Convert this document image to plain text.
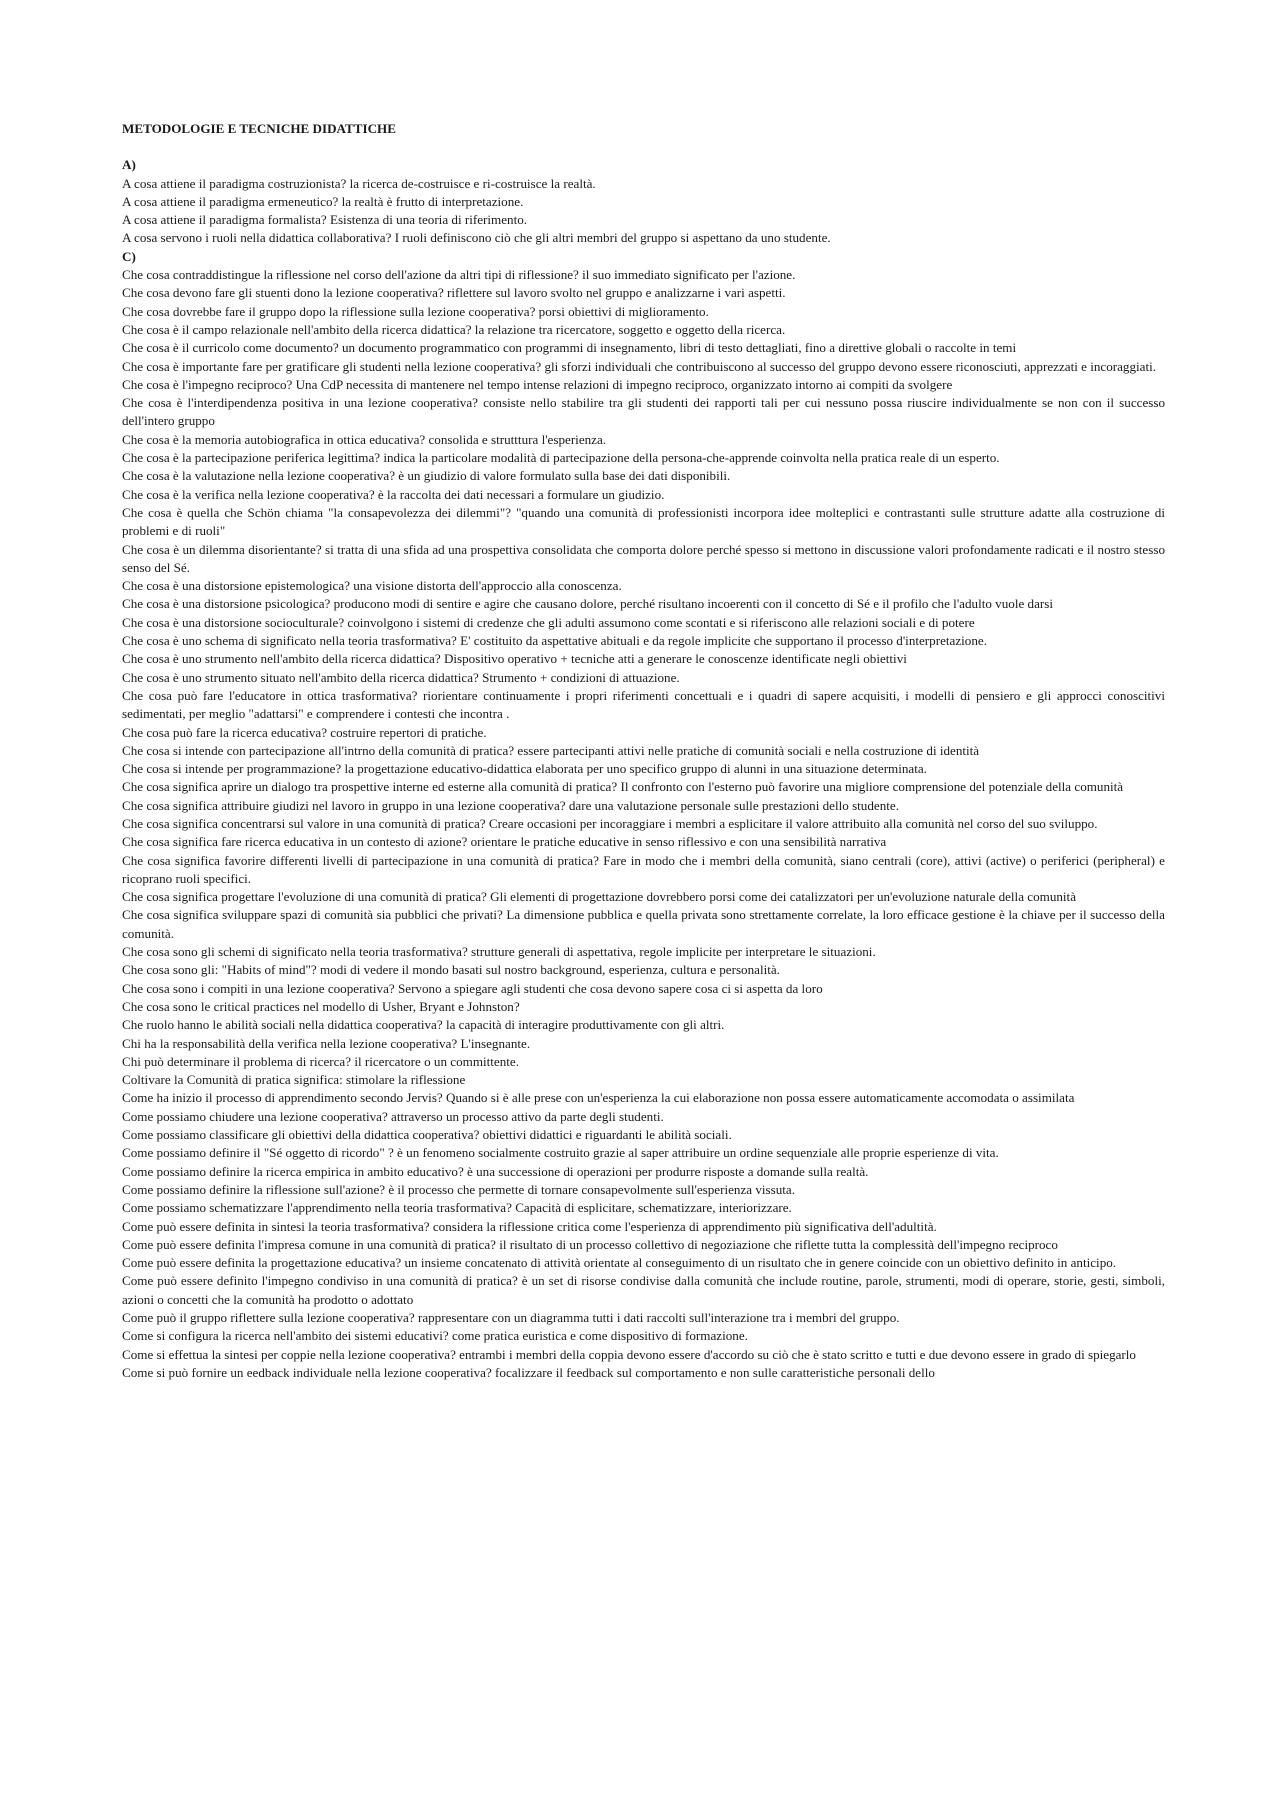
METODOLOGIE E TECNICHE DIDATTICHE
A)
A cosa attiene il paradigma costruzionista? la ricerca de-costruisce e ri-costruisce la realtà.
A cosa attiene il paradigma ermeneutico? la realtà è frutto di interpretazione.
A cosa attiene il paradigma formalista? Esistenza di una teoria di riferimento.
A cosa servono i ruoli nella didattica collaborativa? I ruoli definiscono ciò che gli altri membri del gruppo si aspettano da uno studente.
C)
Che cosa contraddistingue la riflessione nel corso dell'azione da altri tipi di riflessione? il suo immediato significato per l'azione.
Che cosa devono fare gli stuenti dono la lezione cooperativa? riflettere sul lavoro svolto nel gruppo e analizzarne i vari aspetti.
Che cosa dovrebbe fare il gruppo dopo la riflessione sulla lezione cooperativa? porsi obiettivi di miglioramento.
Che cosa è il campo relazionale nell'ambito della ricerca didattica? la relazione tra ricercatore, soggetto e oggetto della ricerca.
Che cosa è il curricolo come documento? un documento programmatico con programmi di insegnamento, libri di testo dettagliati, fino a direttive globali o raccolte in temi
Che cosa è importante fare per gratificare gli studenti nella lezione cooperativa? gli sforzi individuali che contribuiscono al successo del gruppo devono essere riconosciuti, apprezzati e incoraggiati.
Che cosa è l'impegno reciproco? Una CdP necessita di mantenere nel tempo intense relazioni di impegno reciproco, organizzato intorno ai compiti da svolgere
Che cosa è l'interdipendenza positiva in una lezione cooperativa? consiste nello stabilire tra gli studenti dei rapporti tali per cui nessuno possa riuscire individualmente se non con il successo dell'intero gruppo
Che cosa è la memoria autobiografica in ottica educativa? consolida e strutttura l'esperienza.
Che cosa è la partecipazione periferica legittima? indica la particolare modalità di partecipazione della persona-che-apprende coinvolta nella pratica reale di un esperto.
Che cosa è la valutazione nella lezione cooperativa? è un giudizio di valore formulato sulla base dei dati disponibili.
Che cosa è la verifica nella lezione cooperativa? è la raccolta dei dati necessari a formulare un giudizio.
Che cosa è quella che Schön chiama "la consapevolezza dei dilemmi"? "quando una comunità di professionisti incorpora idee molteplici e contrastanti sulle strutture adatte alla costruzione di problemi e di ruoli"
Che cosa è un dilemma disorientante? si tratta di una sfida ad una prospettiva consolidata che comporta dolore perché spesso si mettono in discussione valori profondamente radicati e il nostro stesso senso del Sé.
Che cosa è una distorsione epistemologica? una visione distorta dell'approccio alla conoscenza.
Che cosa è una distorsione psicologica? producono modi di sentire e agire che causano dolore, perché risultano incoerenti con il concetto di Sé e il profilo che l'adulto vuole darsi
Che cosa è una distorsione socioculturale? coinvolgono i sistemi di credenze che gli adulti assumono come scontati e si riferiscono alle relazioni sociali e di potere
Che cosa è uno schema di significato nella teoria trasformativa? E' costituito da aspettative abituali e da regole implicite che supportano il processo d'interpretazione.
Che cosa è uno strumento nell'ambito della ricerca didattica? Dispositivo operativo + tecniche atti a generare le conoscenze identificate negli obiettivi
Che cosa è uno strumento situato nell'ambito della ricerca didattica? Strumento + condizioni di attuazione.
Che cosa può fare l'educatore in ottica trasformativa? riorientare continuamente i propri riferimenti concettuali e i quadri di sapere acquisiti, i modelli di pensiero e gli approcci conoscitivi sedimentati, per meglio "adattarsi" e comprendere i contesti che incontra .
Che cosa può fare la ricerca educativa? costruire repertori di pratiche.
Che cosa si intende con partecipazione all'intrno della comunità di pratica? essere partecipanti attivi nelle pratiche di comunità sociali e nella costruzione di identità
Che cosa si intende per programmazione? la progettazione educativo-didattica elaborata per uno specifico gruppo di alunni in una situazione determinata.
Che cosa significa aprire un dialogo tra prospettive interne ed esterne alla comunità di pratica? Il confronto con l'esterno può favorire una migliore comprensione del potenziale della comunità
Che cosa significa attribuire giudizi nel lavoro in gruppo in una lezione cooperativa? dare una valutazione personale sulle prestazioni dello studente.
Che cosa significa concentrarsi sul valore in una comunità di pratica? Creare occasioni per incoraggiare i membri a esplicitare il valore attribuito alla comunità nel corso del suo sviluppo.
Che cosa significa fare ricerca educativa in un contesto di azione? orientare le pratiche educative in senso riflessivo e con una sensibilità narrativa
Che cosa significa favorire differenti livelli di partecipazione in una comunità di pratica? Fare in modo che i membri della comunità, siano centrali (core), attivi (active) o periferici (peripheral) e ricoprano ruoli specifici.
Che cosa significa progettare l'evoluzione di una comunità di pratica? Gli elementi di progettazione dovrebbero porsi come dei catalizzatori per un'evoluzione naturale della comunità
Che cosa significa sviluppare spazi di comunità sia pubblici che privati? La dimensione pubblica e quella privata sono strettamente correlate, la loro efficace gestione è la chiave per il successo della comunità.
Che cosa sono gli schemi di significato nella teoria trasformativa? strutture generali di aspettativa, regole implicite per interpretare le situazioni.
Che cosa sono gli: "Habits of mind"? modi di vedere il mondo basati sul nostro background, esperienza, cultura e personalità.
Che cosa sono i compiti in una lezione cooperativa? Servono a spiegare agli studenti che cosa devono sapere cosa ci si aspetta da loro
Che cosa sono le critical practices nel modello di Usher, Bryant e Johnston?
Che ruolo hanno le abilità sociali nella didattica cooperativa? la capacità di interagire produttivamente con gli altri.
Chi ha la responsabilità della verifica nella lezione cooperativa? L'insegnante.
Chi può determinare il problema di ricerca? il ricercatore o un committente.
Coltivare la Comunità di pratica significa: stimolare la riflessione
Come ha inizio il processo di apprendimento secondo Jervis? Quando si è alle prese con un'esperienza la cui elaborazione non possa essere automaticamente accomodata o assimilata
Come possiamo chiudere una lezione cooperativa? attraverso un processo attivo da parte degli studenti.
Come possiamo classificare gli obiettivi della didattica cooperativa? obiettivi didattici e riguardanti le abilità sociali.
Come possiamo definire il "Sé oggetto di ricordo" ? è un fenomeno socialmente costruito grazie al saper attribuire un ordine sequenziale alle proprie esperienze di vita.
Come possiamo definire la ricerca empirica in ambito educativo? è una successione di operazioni per produrre risposte a domande sulla realtà.
Come possiamo definire la riflessione sull'azione? è il processo che permette di tornare consapevolmente sull'esperienza vissuta.
Come possiamo schematizzare l'apprendimento nella teoria trasformativa? Capacità di esplicitare, schematizzare, interiorizzare.
Come può essere definita in sintesi la teoria trasformativa? considera la riflessione critica come l'esperienza di apprendimento più significativa dell'adultità.
Come può essere definita l'impresa comune in una comunità di pratica? il risultato di un processo collettivo di negoziazione che riflette tutta la complessità dell'impegno reciproco
Come può essere definita la progettazione educativa? un insieme concatenato di attività orientate al conseguimento di un risultato che in genere coincide con un obiettivo definito in anticipo.
Come può essere definito l'impegno condiviso in una comunità di pratica? è un set di risorse condivise dalla comunità che include routine, parole, strumenti, modi di operare, storie, gesti, simboli, azioni o concetti che la comunità ha prodotto o adottato
Come può il gruppo riflettere sulla lezione cooperativa? rappresentare con un diagramma tutti i dati raccolti sull'interazione tra i membri del gruppo.
Come si configura la ricerca nell'ambito dei sistemi educativi? come pratica euristica e come dispositivo di formazione.
Come si effettua la sintesi per coppie nella lezione cooperativa? entrambi i membri della coppia devono essere d'accordo su ciò che è stato scritto e tutti e due devono essere in grado di spiegarlo
Come si può fornire un eedback individuale nella lezione cooperativa? focalizzare il feedback sul comportamento e non sulle caratteristiche personali dello
